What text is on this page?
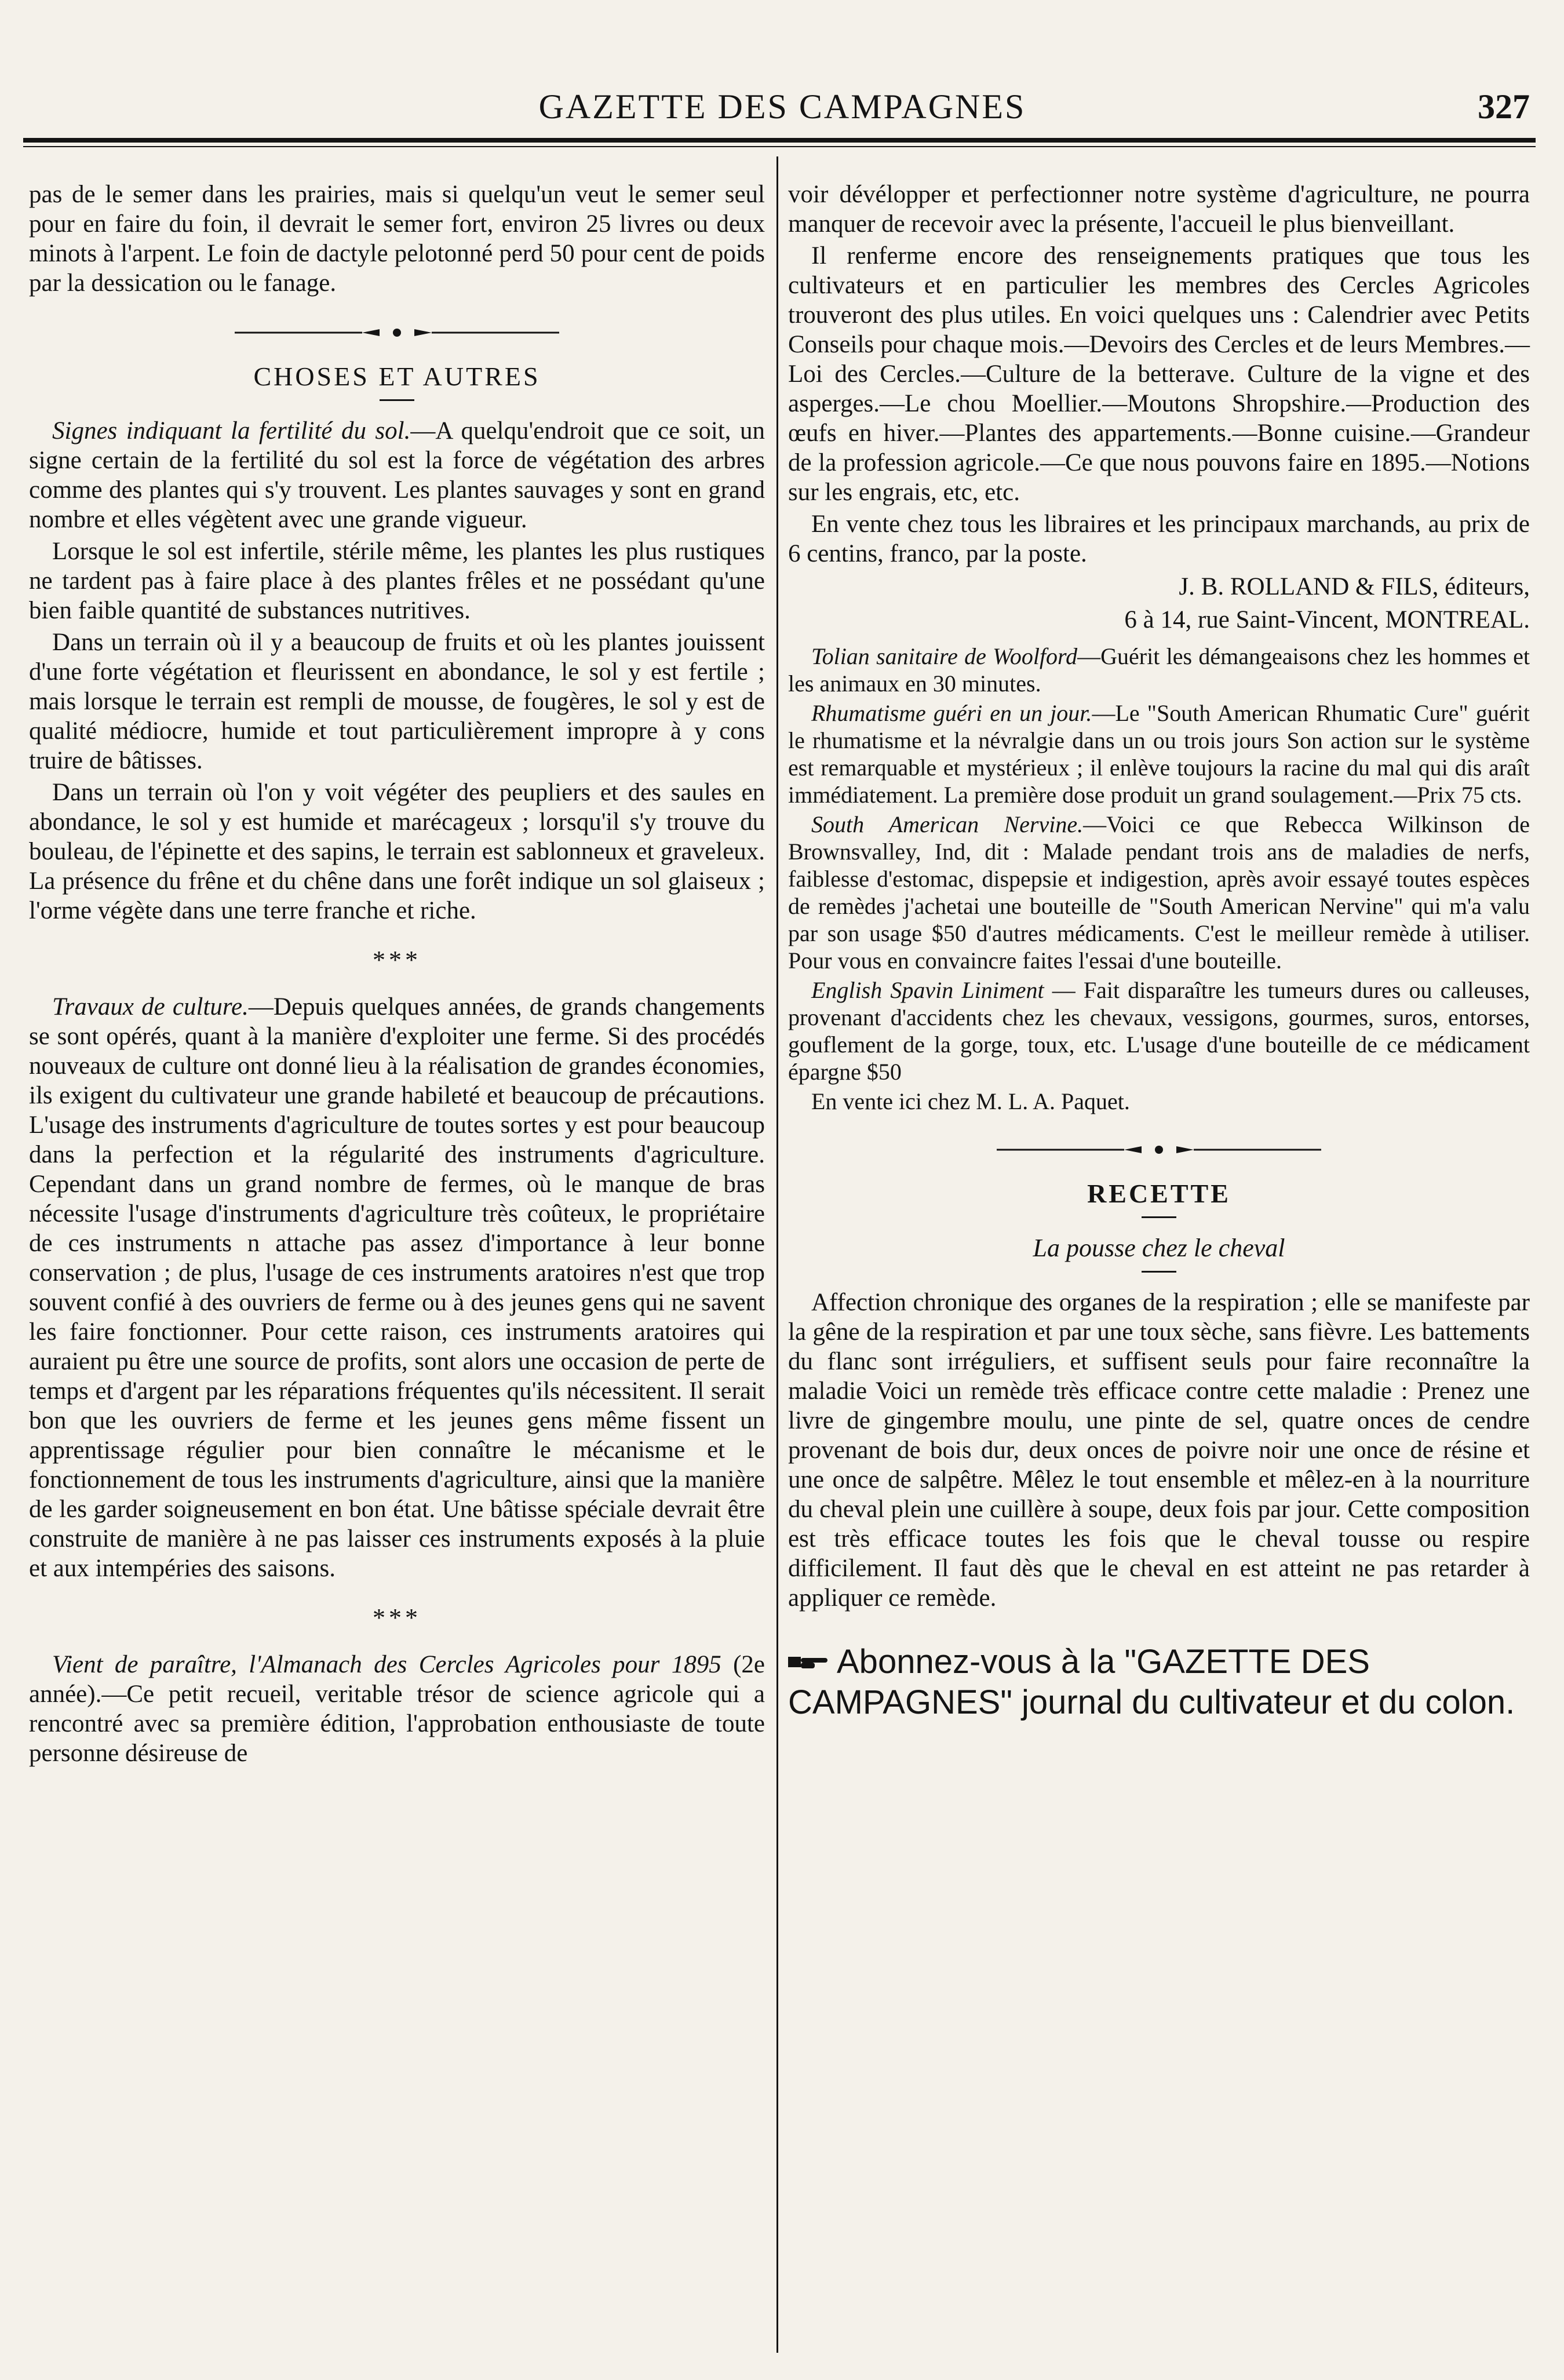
GAZETTE DES CAMPAGNES	327

pas de le semer dans les prairies, mais si quelqu'un veut le semer seul pour en faire du foin, il devrait le semer fort, environ 25 livres ou deux minots à l'arpent. Le foin de dactyle pelotonné perd 50 pour cent de poids par la dessication ou le fanage.

CHOSES ET AUTRES

Signes indiquant la fertilité du sol.—A quelqu'endroit que ce soit, un signe certain de la fertilité du sol est la force de végétation des arbres comme des plantes qui s'y trouvent. Les plantes sauvages y sont en grand nombre et elles végètent avec une grande vigueur.

Lorsque le sol est infertile, stérile même, les plantes les plus rustiques ne tardent pas à faire place à des plantes frêles et ne possédant qu'une bien faible quantité de substances nutritives.

Dans un terrain où il y a beaucoup de fruits et où les plantes jouissent d'une forte végétation et fleurissent en abondance, le sol y est fertile ; mais lorsque le terrain est rempli de mousse, de fougères, le sol y est de qualité médiocre, humide et tout particulièrement impropre à y cons truire de bâtisses.

Dans un terrain où l'on y voit végéter des peupliers et des saules en abondance, le sol y est humide et marécageux ; lorsqu'il s'y trouve du bouleau, de l'épinette et des sapins, le terrain est sablonneux et graveleux. La présence du frêne et du chêne dans une forêt indique un sol glaiseux ; l'orme végète dans une terre franche et riche.

***

Travaux de culture.—Depuis quelques années, de grands changements se sont opérés, quant à la manière d'exploiter une ferme. Si des procédés nouveaux de culture ont donné lieu à la réalisation de grandes économies, ils exigent du cultivateur une grande habileté et beaucoup de précautions. L'usage des instruments d'agriculture de toutes sortes y est pour beaucoup dans la perfection et la régularité des instruments d'agriculture. Cependant dans un grand nombre de fermes, où le manque de bras nécessite l'usage d'instruments d'agriculture très coûteux, le propriétaire de ces instruments n attache pas assez d'importance à leur bonne conservation ; de plus, l'usage de ces instruments aratoires n'est que trop souvent confié à des ouvriers de ferme ou à des jeunes gens qui ne savent les faire fonctionner. Pour cette raison, ces instruments aratoires qui auraient pu être une source de profits, sont alors une occasion de perte de temps et d'argent par les réparations fréquentes qu'ils nécessitent. Il serait bon que les ouvriers de ferme et les jeunes gens même fissent un apprentissage régulier pour bien connaître le mécanisme et le fonctionnement de tous les instruments d'agriculture, ainsi que la manière de les garder soigneusement en bon état. Une bâtisse spéciale devrait être construite de manière à ne pas laisser ces instruments exposés à la pluie et aux intempéries des saisons.

***

Vient de paraître, l'Almanach des Cercles Agricoles pour 1895 (2e année).—Ce petit recueil, veritable trésor de science agricole qui a rencontré avec sa première édition, l'approbation enthousiaste de toute personne désireuse de

voir dévélopper et perfectionner notre système d'agriculture, ne pourra manquer de recevoir avec la présente, l'accueil le plus bienveillant.

Il renferme encore des renseignements pratiques que tous les cultivateurs et en particulier les membres des Cercles Agricoles trouveront des plus utiles. En voici quelques uns : Calendrier avec Petits Conseils pour chaque mois.—Devoirs des Cercles et de leurs Membres.—Loi des Cercles.—Culture de la betterave. Culture de la vigne et des asperges.—Le chou Moellier.—Moutons Shropshire.—Production des œufs en hiver.—Plantes des appartements.—Bonne cuisine.—Grandeur de la profession agricole.—Ce que nous pouvons faire en 1895.—Notions sur les engrais, etc, etc.

En vente chez tous les libraires et les principaux marchands, au prix de 6 centins, franco, par la poste.

J. B. ROLLAND & FILS, éditeurs,
6 à 14, rue Saint-Vincent, MONTREAL.

Tolian sanitaire de Woolford—Guérit les démangeaisons chez les hommes et les animaux en 30 minutes.

Rhumatisme guéri en un jour.—Le "South American Rhumatic Cure" guérit le rhumatisme et la névralgie dans un ou trois jours Son action sur le système est remarquable et mystérieux ; il enlève toujours la racine du mal qui dis araît immédiatement. La première dose produit un grand soulagement.—Prix 75 cts.

South American Nervine.—Voici ce que Rebecca Wilkinson de Brownsvalley, Ind, dit : Malade pendant trois ans de maladies de nerfs, faiblesse d'estomac, dispepsie et indigestion, après avoir essayé toutes espèces de remèdes j'achetai une bouteille de "South American Nervine" qui m'a valu par son usage $50 d'autres médicaments. C'est le meilleur remède à utiliser. Pour vous en convaincre faites l'essai d'une bouteille.

English Spavin Liniment — Fait disparaître les tumeurs dures ou calleuses, provenant d'accidents chez les chevaux, vessigons, gourmes, suros, entorses, gouflement de la gorge, toux, etc. L'usage d'une bouteille de ce médicament épargne $50

En vente ici chez M. L. A. Paquet.

RECETTE
La pousse chez le cheval

Affection chronique des organes de la respiration ; elle se manifeste par la gêne de la respiration et par une toux sèche, sans fièvre. Les battements du flanc sont irréguliers, et suffisent seuls pour faire reconnaître la maladie Voici un remède très efficace contre cette maladie : Prenez une livre de gingembre moulu, une pinte de sel, quatre onces de cendre provenant de bois dur, deux onces de poivre noir une once de résine et une once de salpêtre. Mêlez le tout ensemble et mêlez-en à la nourriture du cheval plein une cuillère à soupe, deux fois par jour. Cette composition est très efficace toutes les fois que le cheval tousse ou respire difficilement. Il faut dès que le cheval en est atteint ne pas retarder à appliquer ce remède.

Abonnez-vous à la "GAZETTE DES CAMPAGNES" journal du cultivateur et du colon.
